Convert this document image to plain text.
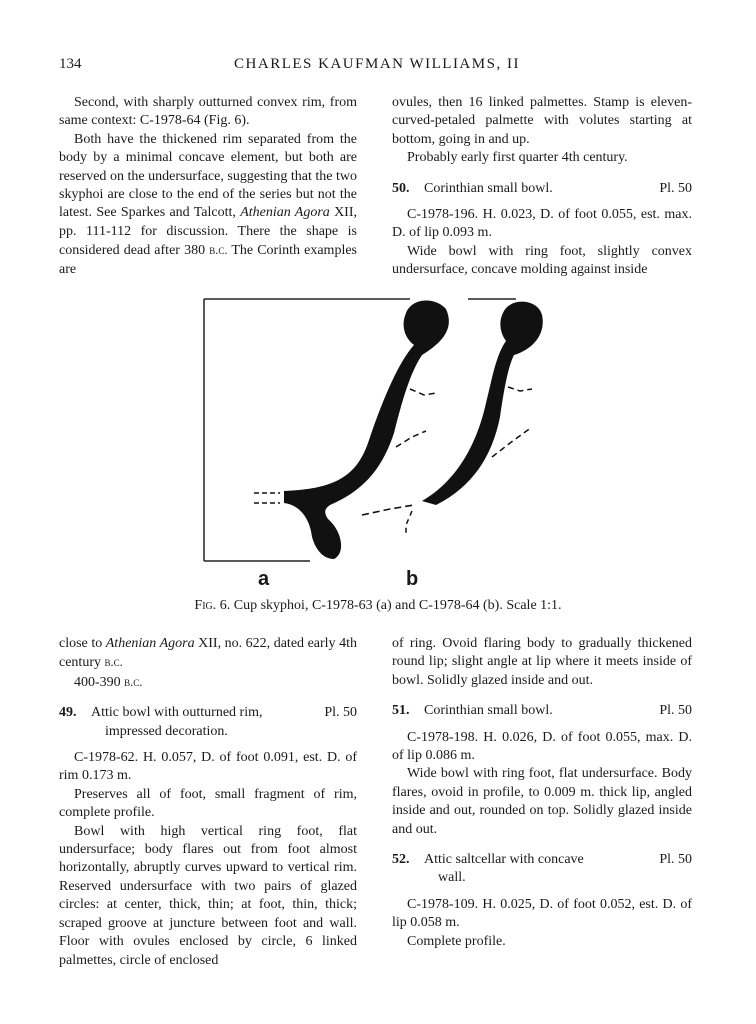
134	CHARLES KAUFMAN WILLIAMS, II

Second, with sharply outturned convex rim, from same context: C-1978-64 (Fig. 6).

Both have the thickened rim separated from the body by a minimal concave element, but both are reserved on the undersurface, suggesting that the two skyphoi are close to the end of the series but not the latest. See Sparkes and Talcott, Athenian Agora XII, pp. 111-112 for discussion. There the shape is considered dead after 380 b.c. The Corinth examples are

ovules, then 16 linked palmettes. Stamp is eleven-curved-petaled palmette with volutes starting at bottom, going in and up.

Probably early first quarter 4th century.

50.	Corinthian small bowl.	Pl. 50

C-1978-196. H. 0.023, D. of foot 0.055, est. max. D. of lip 0.093 m.

Wide bowl with ring foot, slightly convex undersurface, concave molding against inside

a	b
Fig. 6. Cup skyphoi, C-1978-63 (a) and C-1978-64 (b). Scale 1:1.

close to Athenian Agora XII, no. 622, dated early 4th century b.c.

400-390 b.c.

49.	Attic bowl with outturned rim,
impressed decoration.
Pl. 50

C-1978-62. H. 0.057, D. of foot 0.091, est. D. of rim 0.173 m.

Preserves all of foot, small fragment of rim, complete profile.

Bowl with high vertical ring foot, flat undersurface; body flares out from foot almost horizontally, abruptly curves upward to vertical rim. Reserved undersurface with two pairs of glazed circles: at center, thick, thin; at foot, thin, thick; scraped groove at juncture between foot and wall. Floor with ovules enclosed by circle, 6 linked palmettes, circle of enclosed

of ring. Ovoid flaring body to gradually thickened round lip; slight angle at lip where it meets inside of bowl. Solidly glazed inside and out.

51.	Corinthian small bowl.	Pl. 50

C-1978-198. H. 0.026, D. of foot 0.055, max. D. of lip 0.086 m.

Wide bowl with ring foot, flat undersurface. Body flares, ovoid in profile, to 0.009 m. thick lip, angled inside and out, rounded on top. Solidly glazed inside and out.

52.	Attic saltcellar with concave
wall.
Pl. 50

C-1978-109. H. 0.025, D. of foot 0.052, est. D. of lip 0.058 m.

Complete profile.
